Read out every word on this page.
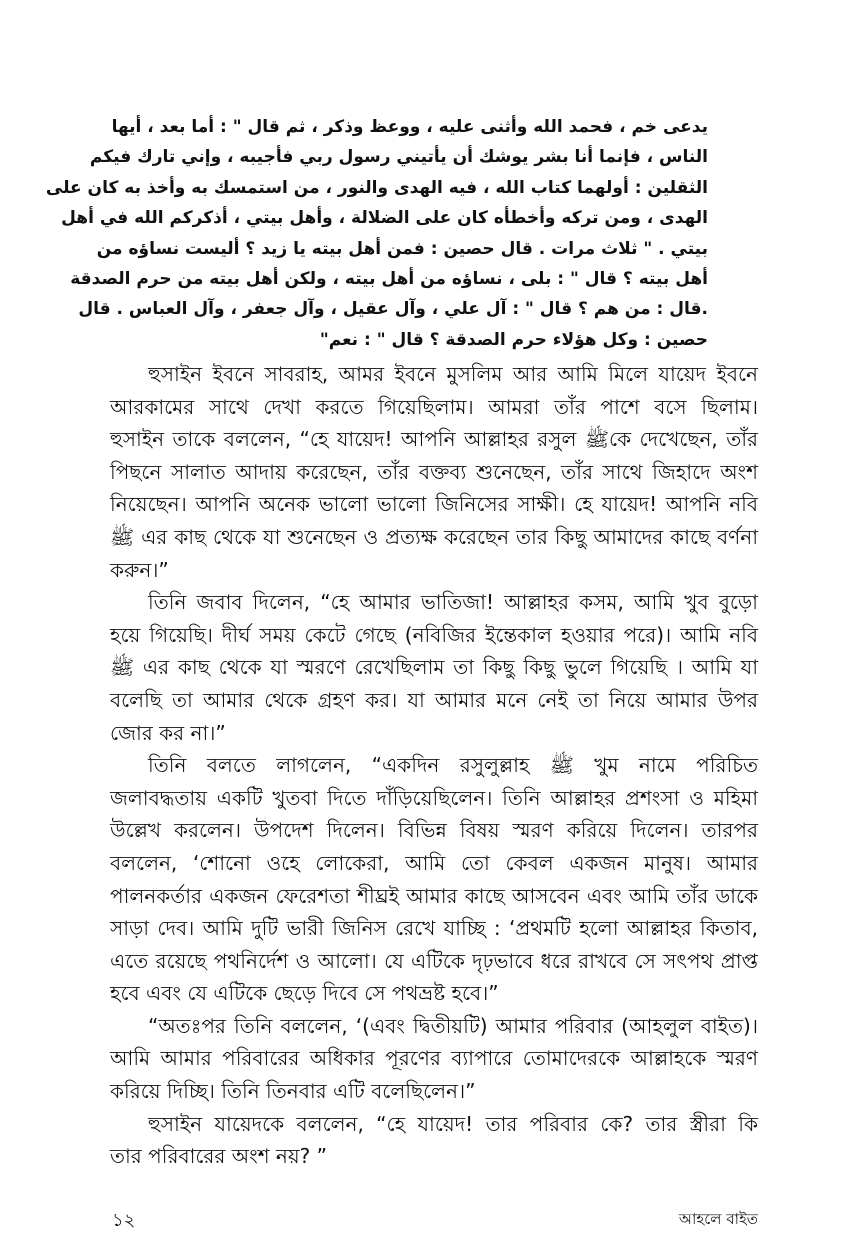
يدعى خم ، فحمد الله وأثنى عليه ، ووعظ وذكر ، ثم قال " : أما بعد ، أيها
الناس ، فإنما أنا بشر يوشك أن يأتيني رسول ربي فأجيبه ، وإني تارك فيكم
الثقلين : أولهما كتاب الله ، فيه الهدى والنور ، من استمسك به وأخذ به كان على
الهدى ، ومن تركه وأخطأه كان على الضلالة ، وأهل بيتي ، أذكركم الله في أهل
بيتي . " ثلاث مرات . قال حصين : فمن أهل بيته يا زيد ؟ أليست نساؤه من
أهل بيته ؟ قال " : بلى ، نساؤه من أهل بيته ، ولكن أهل بيته من حرم الصدقة
.قال : من هم ؟ قال " : آل علي ، وآل عقيل ، وآل جعفر ، وآل العباس . قال
حصين : وكل هؤلاء حرم الصدقة ؟ قال " : نعم"
হুসাইন ইবনে সাবরাহ, আমর ইবনে মুসলিম আর আমি মিলে যায়েদ ইবনে
আরকামের সাথে দেখা করতে গিয়েছিলাম। আমরা তাঁর পাশে বসে ছিলাম।
হুসাইন তাকে বললেন, “হে যায়েদ! আপনি আল্লাহর রসুল ﷺকে দেখেছেন, তাঁর
পিছনে সালাত আদায় করেছেন, তাঁর বক্তব্য শুনেছেন, তাঁর সাথে জিহাদে অংশ
নিয়েছেন। আপনি অনেক ভালো ভালো জিনিসের সাক্ষী। হে যায়েদ! আপনি নবি
ﷺ এর কাছ থেকে যা শুনেছেন ও প্রত্যক্ষ করেছেন তার কিছু আমাদের কাছে বর্ণনা
করুন।”
তিনি জবাব দিলেন, “হে আমার ভাতিজা! আল্লাহর কসম, আমি খুব বুড়ো
হয়ে গিয়েছি। দীর্ঘ সময় কেটে গেছে (নবিজির ইন্তেকাল হওয়ার পরে)। আমি নবি
ﷺ এর কাছ থেকে যা স্মরণে রেখেছিলাম তা কিছু কিছু ভুলে গিয়েছি । আমি যা
বলেছি তা আমার থেকে গ্রহণ কর। যা আমার মনে নেই তা নিয়ে আমার উপর
জোর কর না।”
তিনি বলতে লাগলেন, “একদিন রসুলুল্লাহ ﷺ খুম নামে পরিচিত
জলাবদ্ধতায় একটি খুতবা দিতে দাঁড়িয়েছিলেন। তিনি আল্লাহর প্রশংসা ও মহিমা
উল্লেখ করলেন। উপদেশ দিলেন। বিভিন্ন বিষয় স্মরণ করিয়ে দিলেন। তারপর
বললেন, ‘শোনো ওহে লোকেরা, আমি তো কেবল একজন মানুষ। আমার
পালনকর্তার একজন ফেরেশতা শীঘ্রই আমার কাছে আসবেন এবং আমি তাঁর ডাকে
সাড়া দেব। আমি দুটি ভারী জিনিস রেখে যাচ্ছি : ‘প্রথমটি হলো আল্লাহর কিতাব,
এতে রয়েছে পথনির্দেশ ও আলো। যে এটিকে দৃঢ়ভাবে ধরে রাখবে সে সৎপথ প্রাপ্ত
হবে এবং যে এটিকে ছেড়ে দিবে সে পথভ্রষ্ট হবে।”
“অতঃপর তিনি বললেন, ‘(এবং দ্বিতীয়টি) আমার পরিবার (আহলুল বাইত)।
আমি আমার পরিবারের অধিকার পূরণের ব্যাপারে তোমাদেরকে আল্লাহকে স্মরণ
করিয়ে দিচ্ছি। তিনি তিনবার এটি বলেছিলেন।”
হুসাইন যায়েদকে বললেন, “হে যায়েদ! তার পরিবার কে? তার স্ত্রীরা কি
তার পরিবারের অংশ নয়? ”
১২	আহলে বাইত
